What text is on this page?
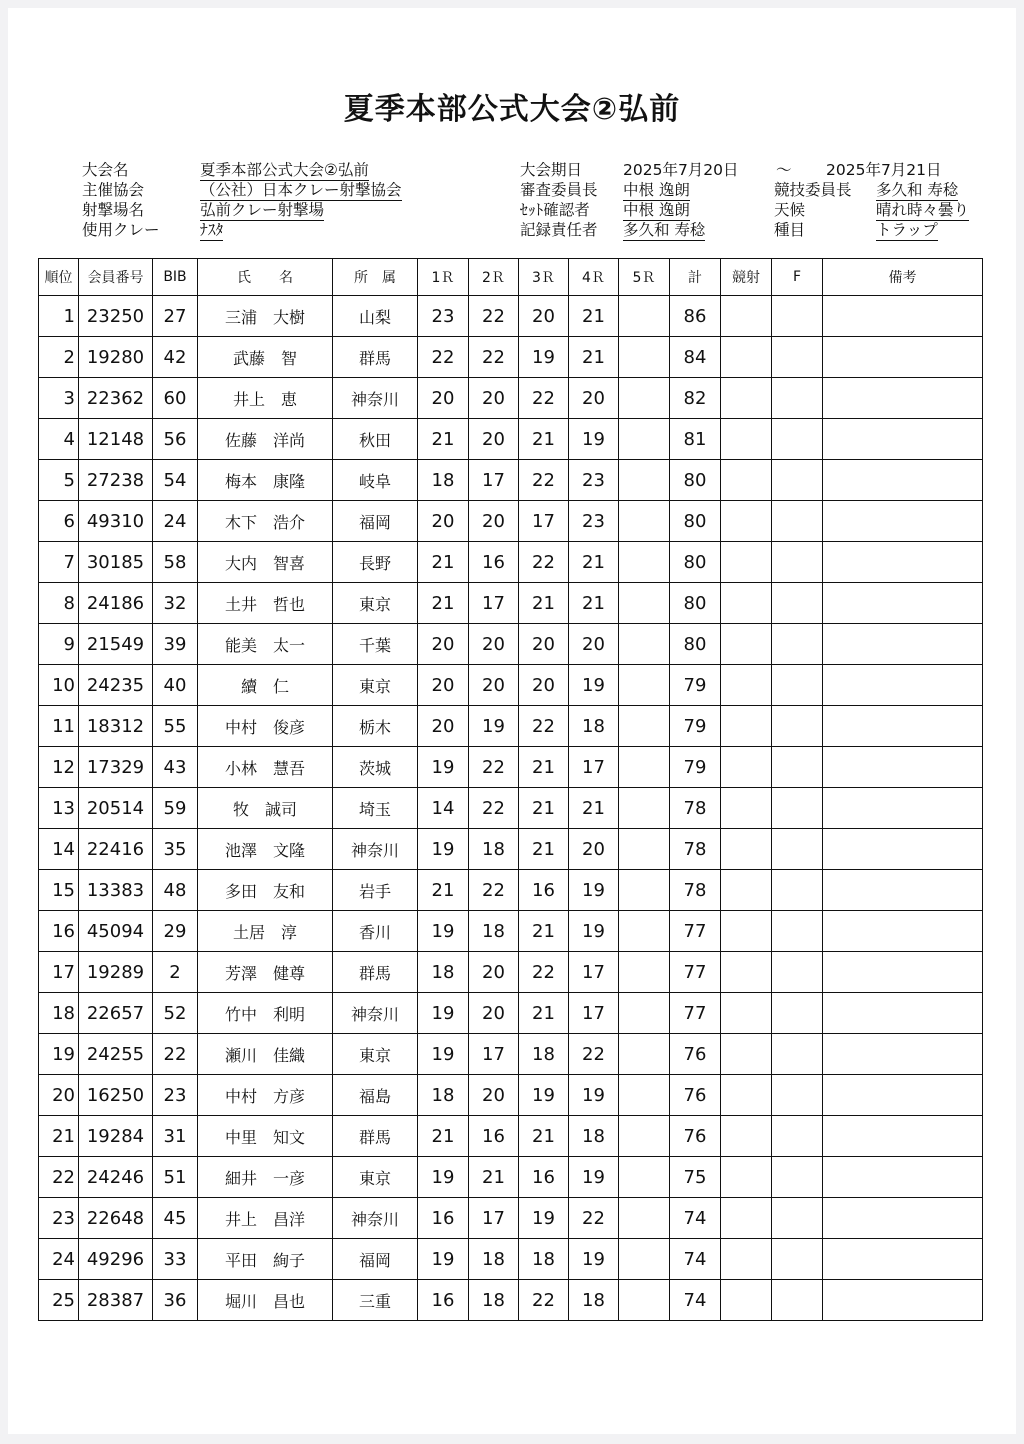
夏季本部公式大会②弘前
大会名	夏季本部公式大会②弘前
主催協会	（公社）日本クレー射撃協会
射撃場名	弘前クレー射撃場
使用クレー	ﾅｽﾀ
大会期日	2025年7月20日 ～ 2025年7月21日
審査委員長 中根 逸朗
ｾｯﾄ確認者 中根 逸朗
記録責任者 多久和 寿稔
競技委員長 多久和 寿稔
天候	晴れ時々曇り
種目	トラップ
順位	会員番号	BIB	氏　　名	所　属	1Ｒ	2Ｒ	3Ｒ	4Ｒ	5Ｒ	計	競射	F	備考
1	23250	27	三浦　大樹	山梨	23	22	20	21		86			
2	19280	42	武藤　智	群馬	22	22	19	21		84			
3	22362	60	井上　恵	神奈川	20	20	22	20		82			
4	12148	56	佐藤　洋尚	秋田	21	20	21	19		81			
5	27238	54	梅本　康隆	岐阜	18	17	22	23		80			
6	49310	24	木下　浩介	福岡	20	20	17	23		80			
7	30185	58	大内　智喜	長野	21	16	22	21		80			
8	24186	32	土井　哲也	東京	21	17	21	21		80			
9	21549	39	能美　太一	千葉	20	20	20	20		80			
10	24235	40	續　仁	東京	20	20	20	19		79			
11	18312	55	中村　俊彦	栃木	20	19	22	18		79			
12	17329	43	小林　慧吾	茨城	19	22	21	17		79			
13	20514	59	牧　誠司	埼玉	14	22	21	21		78			
14	22416	35	池澤　文隆	神奈川	19	18	21	20		78			
15	13383	48	多田　友和	岩手	21	22	16	19		78			
16	45094	29	土居　淳	香川	19	18	21	19		77			
17	19289	2	芳澤　健尊	群馬	18	20	22	17		77			
18	22657	52	竹中　利明	神奈川	19	20	21	17		77			
19	24255	22	瀬川　佳織	東京	19	17	18	22		76			
20	16250	23	中村　方彦	福島	18	20	19	19		76			
21	19284	31	中里　知文	群馬	21	16	21	18		76			
22	24246	51	細井　一彦	東京	19	21	16	19		75			
23	22648	45	井上　昌洋	神奈川	16	17	19	22		74			
24	49296	33	平田　絢子	福岡	19	18	18	19		74			
25	28387	36	堀川　昌也	三重	16	18	22	18		74			
